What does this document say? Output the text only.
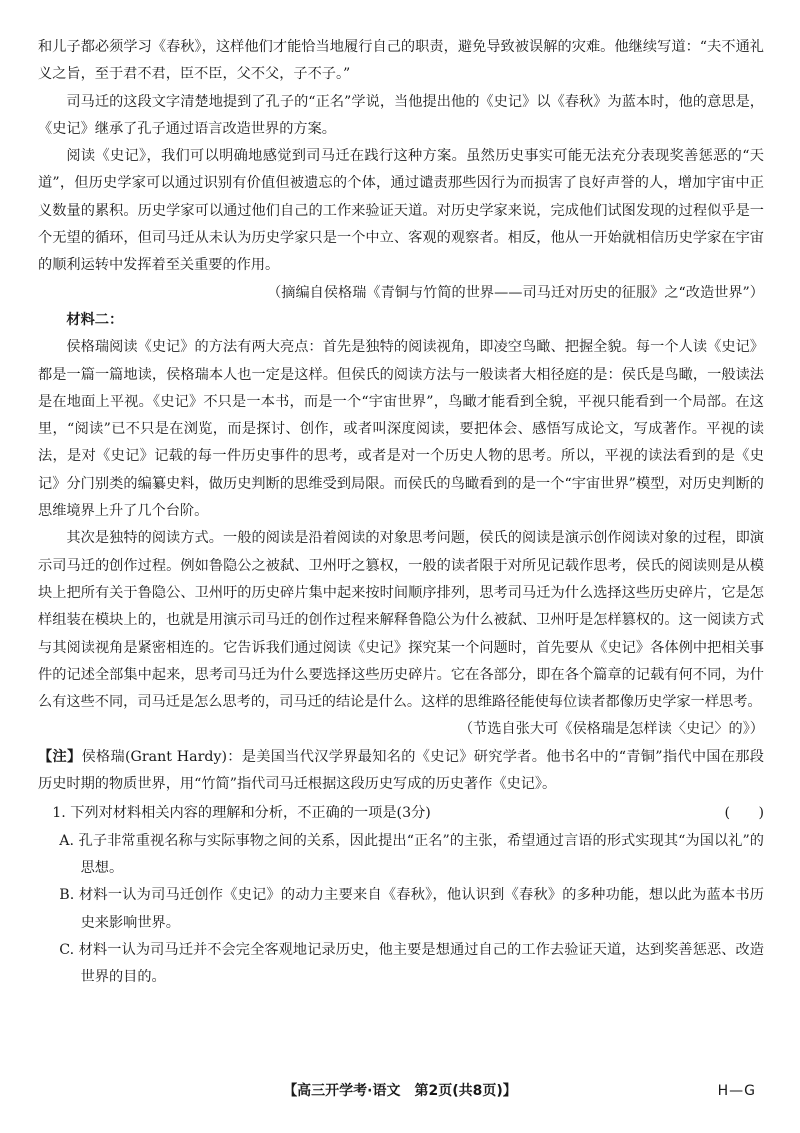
和儿子都必须学习《春秋》，这样他们才能恰当地履行自己的职责，避免导致被误解的灾难。他继续写道：“夫不通礼义之旨，至于君不君，臣不臣，父不父，子不子。”

司马迁的这段文字清楚地提到了孔子的“正名”学说，当他提出他的《史记》以《春秋》为蓝本时，他的意思是，《史记》继承了孔子通过语言改造世界的方案。

阅读《史记》，我们可以明确地感觉到司马迁在践行这种方案。虽然历史事实可能无法充分表现奖善惩恶的“天道”，但历史学家可以通过识别有价值但被遗忘的个体，通过谴责那些因行为而损害了良好声誉的人，增加宇宙中正义数量的累积。历史学家可以通过他们自己的工作来验证天道。对历史学家来说，完成他们试图发现的过程似乎是一个无望的循环，但司马迁从未认为历史学家只是一个中立、客观的观察者。相反，他从一开始就相信历史学家在宇宙的顺利运转中发挥着至关重要的作用。

（摘编自侯格瑞《青铜与竹简的世界——司马迁对历史的征服》之“改造世界”）

材料二：

侯格瑞阅读《史记》的方法有两大亮点：首先是独特的阅读视角，即凌空鸟瞰、把握全貌。每一个人读《史记》都是一篇一篇地读，侯格瑞本人也一定是这样。但侯氏的阅读方法与一般读者大相径庭的是：侯氏是鸟瞰，一般读法是在地面上平视。《史记》不只是一本书，而是一个“宇宙世界”，鸟瞰才能看到全貌，平视只能看到一个局部。在这里，“阅读”已不只是在浏览，而是探讨、创作，或者叫深度阅读，要把体会、感悟写成论文，写成著作。平视的读法，是对《史记》记载的每一件历史事件的思考，或者是对一个历史人物的思考。所以，平视的读法看到的是《史记》分门别类的编纂史料，做历史判断的思维受到局限。而侯氏的鸟瞰看到的是一个“宇宙世界”模型，对历史判断的思维境界上升了几个台阶。

其次是独特的阅读方式。一般的阅读是沿着阅读的对象思考问题，侯氏的阅读是演示创作阅读对象的过程，即演示司马迁的创作过程。例如鲁隐公之被弑、卫州吁之篡权，一般的读者限于对所见记载作思考，侯氏的阅读则是从模块上把所有关于鲁隐公、卫州吁的历史碎片集中起来按时间顺序排列，思考司马迁为什么选择这些历史碎片，它是怎样组装在模块上的，也就是用演示司马迁的创作过程来解释鲁隐公为什么被弑、卫州吁是怎样篡权的。这一阅读方式与其阅读视角是紧密相连的。它告诉我们通过阅读《史记》探究某一个问题时，首先要从《史记》各体例中把相关事件的记述全部集中起来，思考司马迁为什么要选择这些历史碎片。它在各部分，即在各个篇章的记载有何不同，为什么有这些不同，司马迁是怎么思考的，司马迁的结论是什么。这样的思维路径能使每位读者都像历史学家一样思考。

（节选自张大可《侯格瑞是怎样读〈史记〉的》）

【注】侯格瑞(Grant Hardy)：是美国当代汉学界最知名的《史记》研究学者。他书名中的“青铜”指代中国在那段历史时期的物质世界，用“竹简”指代司马迁根据这段历史写成的历史著作《史记》。

1. 下列对材料相关内容的理解和分析，不正确的一项是(3分)	(　　)

A. 孔子非常重视名称与实际事物之间的关系，因此提出“正名”的主张，希望通过言语的形式实现其“为国以礼”的思想。

B. 材料一认为司马迁创作《史记》的动力主要来自《春秋》，他认识到《春秋》的多种功能，想以此为蓝本书历史来影响世界。

C. 材料一认为司马迁并不会完全客观地记录历史，他主要是想通过自己的工作去验证天道，达到奖善惩恶、改造世界的目的。

【高三开学考·语文　第2页(共8页)】	H—G
